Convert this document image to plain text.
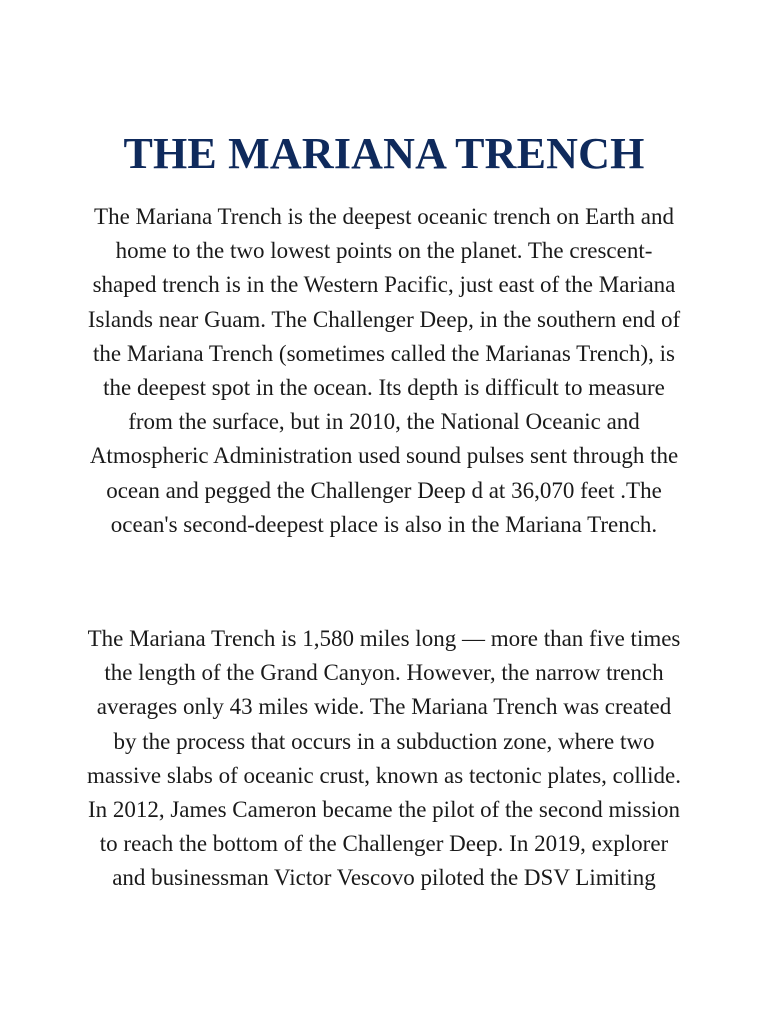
THE MARIANA TRENCH

The Mariana Trench is the deepest oceanic trench on Earth and home to the two lowest points on the planet. The crescent-shaped trench is in the Western Pacific, just east of the Mariana Islands near Guam. The Challenger Deep, in the southern end of the Mariana Trench (sometimes called the Marianas Trench), is the deepest spot in the ocean. Its depth is difficult to measure from the surface, but in 2010, the National Oceanic and Atmospheric Administration used sound pulses sent through the ocean and pegged the Challenger Deep d at 36,070 feet .The ocean's second-deepest place is also in the Mariana Trench.

The Mariana Trench is 1,580 miles long — more than five times the length of the Grand Canyon. However, the narrow trench averages only 43 miles wide. The Mariana Trench was created by the process that occurs in a subduction zone, where two massive slabs of oceanic crust, known as tectonic plates, collide. In 2012, James Cameron became the pilot of the second mission to reach the bottom of the Challenger Deep. In 2019, explorer and businessman Victor Vescovo piloted the DSV Limiting
